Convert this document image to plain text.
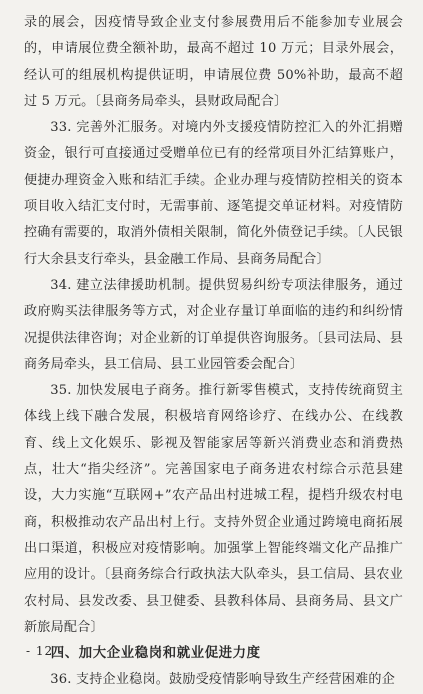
录的展会，因疫情导致企业支付参展费用后不能参加专业展会的，申请展位费全额补助，最高不超过 10 万元；目录外展会，经认可的组展机构提供证明，申请展位费 50%补助，最高不超过 5 万元。〔县商务局牵头，县财政局配合〕

33. 完善外汇服务。对境内外支援疫情防控汇入的外汇捐赠资金，银行可直接通过受赠单位已有的经常项目外汇结算账户，便捷办理资金入账和结汇手续。企业办理与疫情防控相关的资本项目收入结汇支付时，无需事前、逐笔提交单证材料。对疫情防控确有需要的，取消外债相关限制，简化外债登记手续。〔人民银行大余县支行牵头，县金融工作局、县商务局配合〕

34. 建立法律援助机制。提供贸易纠纷专项法律服务，通过政府购买法律服务等方式，对企业存量订单面临的违约和纠纷情况提供法律咨询；对企业新的订单提供咨询服务。〔县司法局、县商务局牵头，县工信局、县工业园管委会配合〕

35. 加快发展电子商务。推行新零售模式，支持传统商贸主体线上线下融合发展，积极培育网络诊疗、在线办公、在线教育、线上文化娱乐、影视及智能家居等新兴消费业态和消费热点，壮大“指尖经济”。完善国家电子商务进农村综合示范县建设，大力实施“互联网+”农产品出村进城工程，提档升级农村电商，积极推动农产品出村上行。支持外贸企业通过跨境电商拓展出口渠道，积极应对疫情影响。加强掌上智能终端文化产品推广应用的设计。〔县商务综合行政执法大队牵头，县工信局、县农业农村局、县发改委、县卫健委、县教科体局、县商务局、县文广新旅局配合〕

四、加大企业稳岗和就业促进力度

36. 支持企业稳岗。鼓励受疫情影响导致生产经营困难的企

- 12 -
